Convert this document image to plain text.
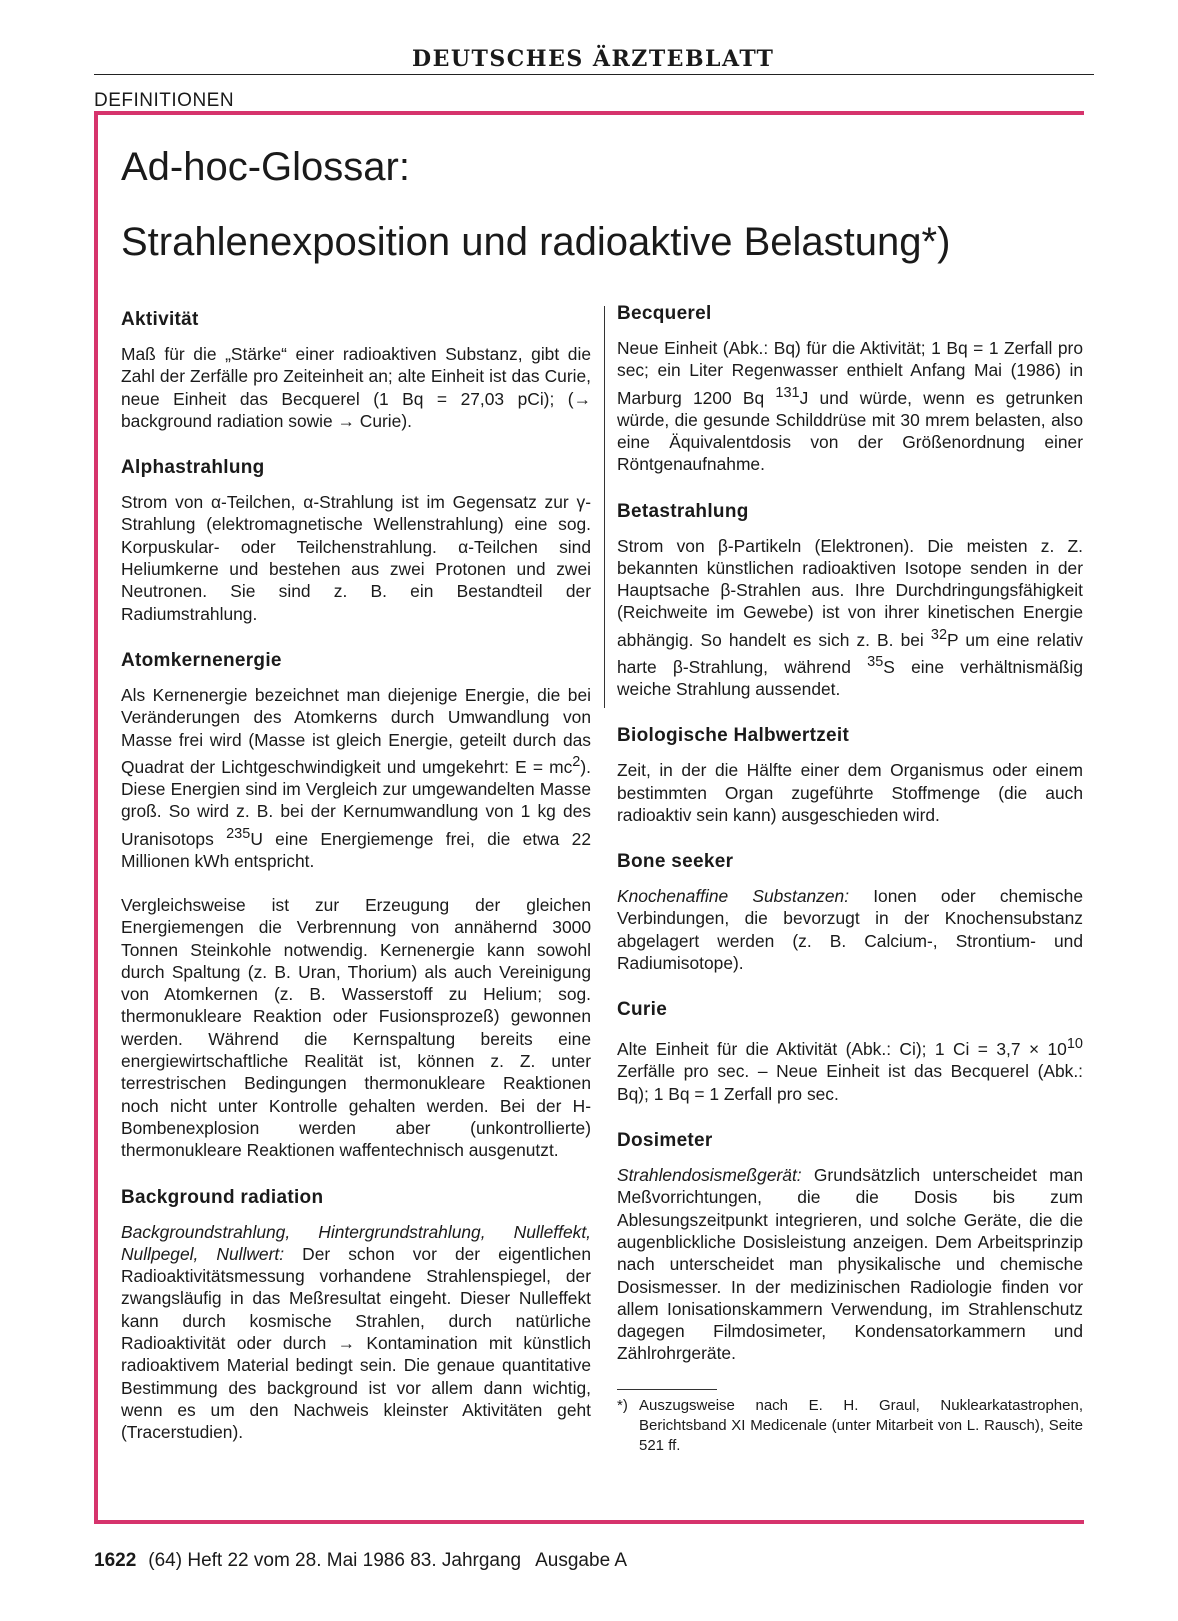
DEUTSCHES ÄRZTEBLATT
DEFINITIONEN
Ad-hoc-Glossar:
Strahlenexposition und radioaktive Belastung*)
Aktivität

Maß für die „Stärke“ einer radioaktiven Substanz, gibt die Zahl der Zerfälle pro Zeiteinheit an; alte Einheit ist das Curie, neue Einheit das Becquerel (1 Bq = 27,03 pCi); (→ background radiation sowie → Curie).

Alphastrahlung

Strom von α-Teilchen, α-Strahlung ist im Gegensatz zur γ-Strahlung (elektromagnetische Wellenstrahlung) eine sog. Korpuskular- oder Teilchenstrahlung. α-Teilchen sind Heliumkerne und bestehen aus zwei Protonen und zwei Neutronen. Sie sind z. B. ein Bestandteil der Radiumstrahlung.

Atomkernenergie

Als Kernenergie bezeichnet man diejenige Energie, die bei Veränderungen des Atomkerns durch Umwandlung von Masse frei wird (Masse ist gleich Energie, geteilt durch das Quadrat der Lichtgeschwindigkeit und umgekehrt: $E = mc^2$). Diese Energien sind im Vergleich zur umgewandelten Masse groß. So wird z. B. bei der Kernumwandlung von 1 kg des Uranisotops $^{235}$U eine Energiemenge frei, die etwa 22 Millionen kWh entspricht.

Vergleichsweise ist zur Erzeugung der gleichen Energiemengen die Verbrennung von annähernd 3000 Tonnen Steinkohle notwendig. Kernenergie kann sowohl durch Spaltung (z. B. Uran, Thorium) als auch Vereinigung von Atomkernen (z. B. Wasserstoff zu Helium; sog. thermonukleare Reaktion oder Fusionsprozeß) gewonnen werden. Während die Kernspaltung bereits eine energiewirtschaftliche Realität ist, können z. Z. unter terrestrischen Bedingungen thermonukleare Reaktionen noch nicht unter Kontrolle gehalten werden. Bei der H-Bombenexplosion werden aber (unkontrollierte) thermonukleare Reaktionen waffentechnisch ausgenutzt.

Background radiation

Backgroundstrahlung, Hintergrundstrahlung, Nulleffekt, Nullpegel, Nullwert: Der schon vor der eigentlichen Radioaktivitätsmessung vorhandene Strahlenspiegel, der zwangsläufig in das Meßresultat eingeht. Dieser Nulleffekt kann durch kosmische Strahlen, durch natürliche Radioaktivität oder durch → Kontamination mit künstlich radioaktivem Material bedingt sein. Die genaue quantitative Bestimmung des background ist vor allem dann wichtig, wenn es um den Nachweis kleinster Aktivitäten geht (Tracerstudien).

Becquerel

Neue Einheit (Abk.: Bq) für die Aktivität; 1 Bq = 1 Zerfall pro sec; ein Liter Regenwasser enthielt Anfang Mai (1986) in Marburg 1200 Bq $^{131}$J und würde, wenn es getrunken würde, die gesunde Schilddrüse mit 30 mrem belasten, also eine Äquivalentdosis von der Größenordnung einer Röntgenaufnahme.

Betastrahlung

Strom von β-Partikeln (Elektronen). Die meisten z. Z. bekannten künstlichen radioaktiven Isotope senden in der Hauptsache β-Strahlen aus. Ihre Durchdringungsfähigkeit (Reichweite im Gewebe) ist von ihrer kinetischen Energie abhängig. So handelt es sich z. B. bei $^{32}$P um eine relativ harte β-Strahlung, während $^{35}$S eine verhältnismäßig weiche Strahlung aussendet.

Biologische Halbwertzeit

Zeit, in der die Hälfte einer dem Organismus oder einem bestimmten Organ zugeführte Stoffmenge (die auch radioaktiv sein kann) ausgeschieden wird.

Bone seeker

Knochenaffine Substanzen: Ionen oder chemische Verbindungen, die bevorzugt in der Knochensubstanz abgelagert werden (z. B. Calcium-, Strontium- und Radiumisotope).

Curie

Alte Einheit für die Aktivität (Abk.: Ci); 1 $Ci = 3,7 \times 10^{10}$ Zerfälle pro sec. – Neue Einheit ist das Becquerel (Abk.: Bq); 1 Bq = 1 Zerfall pro sec.

Dosimeter

Strahlendosismeßgerät: Grundsätzlich unterscheidet man Meßvorrichtungen, die die Dosis bis zum Ablesungszeitpunkt integrieren, und solche Geräte, die die augenblickliche Dosisleistung anzeigen. Dem Arbeitsprinzip nach unterscheidet man physikalische und chemische Dosismesser. In der medizinischen Radiologie finden vor allem Ionisationskammern Verwendung, im Strahlenschutz dagegen Filmdosimeter, Kondensatorkammern und Zählrohrgeräte.

*) Auszugsweise nach E. H. Graul, Nuklearkatastrophen, Berichtsband XI Medicenale (unter Mitarbeit von L. Rausch), Seite 521 ff.
1622 (64) Heft 22 vom 28. Mai 1986 83. Jahrgang Ausgabe A
